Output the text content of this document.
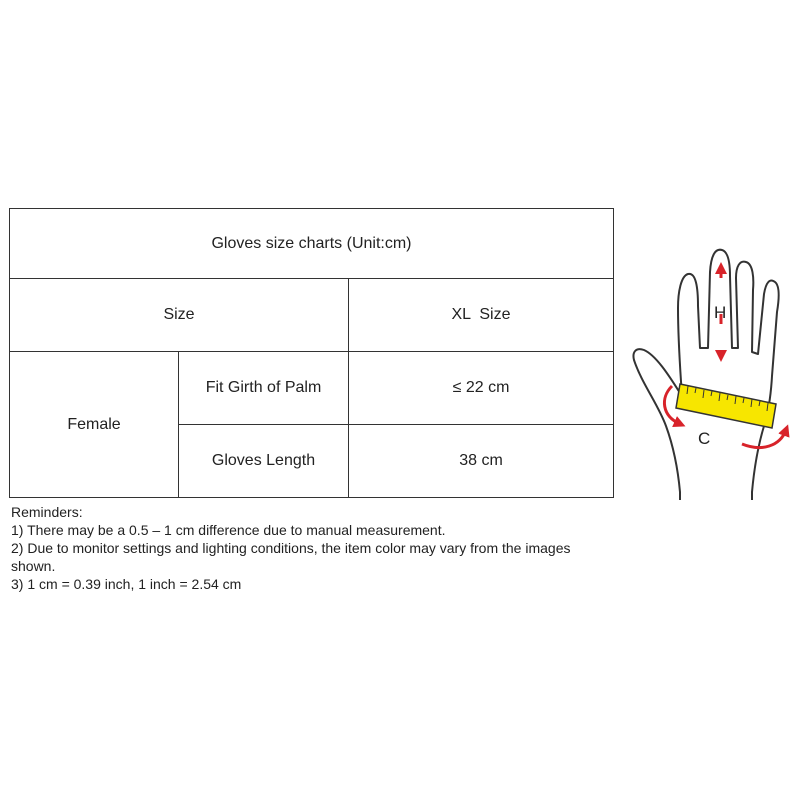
Gloves size charts (Unit:cm)		
Size		XL  Size
Female	Fit Girth of Palm	≤ 22 cm
	Gloves Length	38 cm
Reminders:
1) There may be a 0.5 – 1 cm difference due to manual measurement.
2) Due to monitor settings and lighting conditions, the item color may vary from the images shown.
3) 1 cm = 0.39 inch, 1 inch = 2.54 cm
H
C
